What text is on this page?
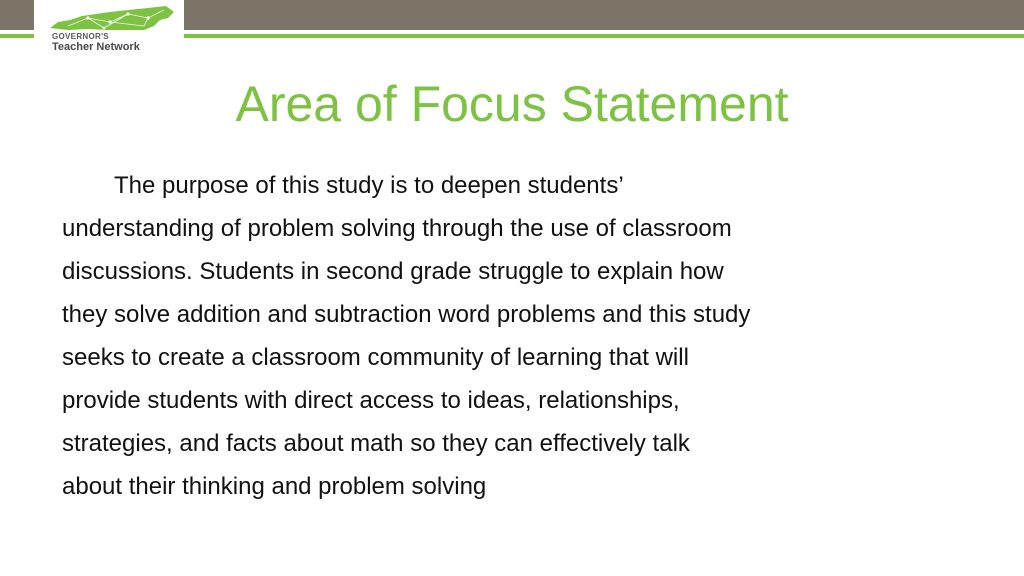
GOVERNOR'S
Teacher Network
Area of Focus Statement
The purpose of this study is to deepen students’
understanding of problem solving through the use of classroom
discussions. Students in second grade struggle to explain how
they solve addition and subtraction word problems and this study
seeks to create a classroom community of learning that will
provide students with direct access to ideas, relationships,
strategies, and facts about math so they can effectively talk
about their thinking and problem solving
